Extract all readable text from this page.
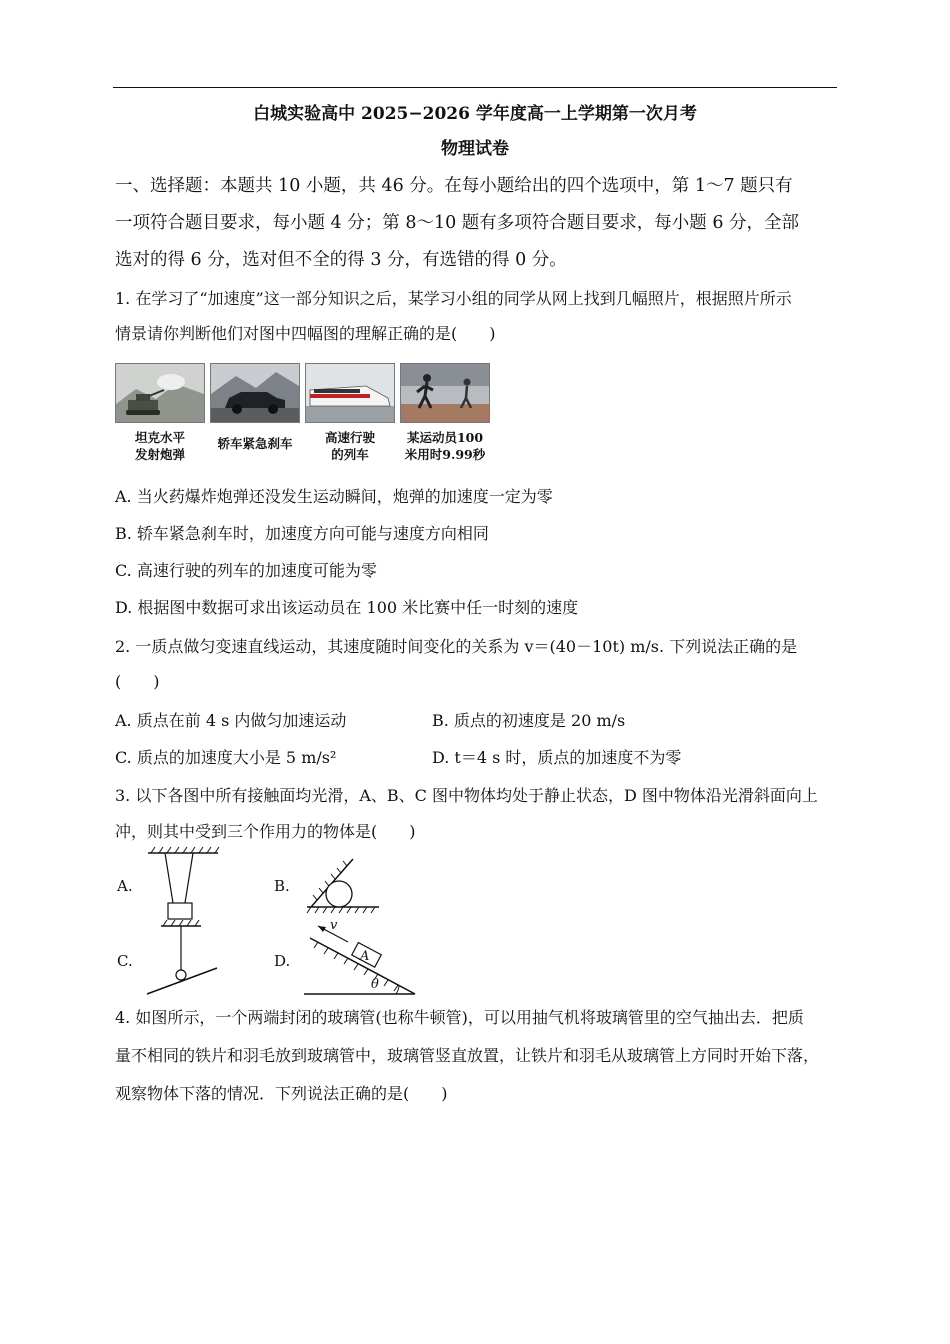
白城实验高中 2025−2026 学年度高一上学期第一次月考
物理试卷
一、选择题：本题共 10 小题，共 46 分。在每小题给出的四个选项中，第 1～7 题只有
一项符合题目要求，每小题 4 分；第 8～10 题有多项符合题目要求，每小题 6 分，全部
选对的得 6 分，选对但不全的得 3 分，有选错的得 0 分。
1. 在学习了“加速度”这一部分知识之后，某学习小组的同学从网上找到几幅照片，根据照片所示
情景请你判断他们对图中四幅图的理解正确的是(　　)
坦克水平
发射炮弹
轿车紧急刹车	高速行驶
的列车
某运动员100
米用时9.99秒
A. 当火药爆炸炮弹还没发生运动瞬间，炮弹的加速度一定为零
B. 轿车紧急刹车时，加速度方向可能与速度方向相同
C. 高速行驶的列车的加速度可能为零
D. 根据图中数据可求出该运动员在 100 米比赛中任一时刻的速度
2. 一质点做匀变速直线运动，其速度随时间变化的关系为 v＝(40－10t) m/s. 下列说法正确的是
(　　)
A. 质点在前 4 s 内做匀加速运动	B. 质点的初速度是 20 m/s
C. 质点的加速度大小是 5 m/s²	D. t＝4 s 时，质点的加速度不为零
3. 以下各图中所有接触面均光滑，A、B、C 图中物体均处于静止状态，D 图中物体沿光滑斜面向上
冲，则其中受到三个作用力的物体是(　　)
A.	B.
C.	D.
v
A
θ
4. 如图所示，一个两端封闭的玻璃管(也称牛顿管)，可以用抽气机将玻璃管里的空气抽出去．把质
量不相同的铁片和羽毛放到玻璃管中，玻璃管竖直放置，让铁片和羽毛从玻璃管上方同时开始下落，
观察物体下落的情况．下列说法正确的是(　　)
